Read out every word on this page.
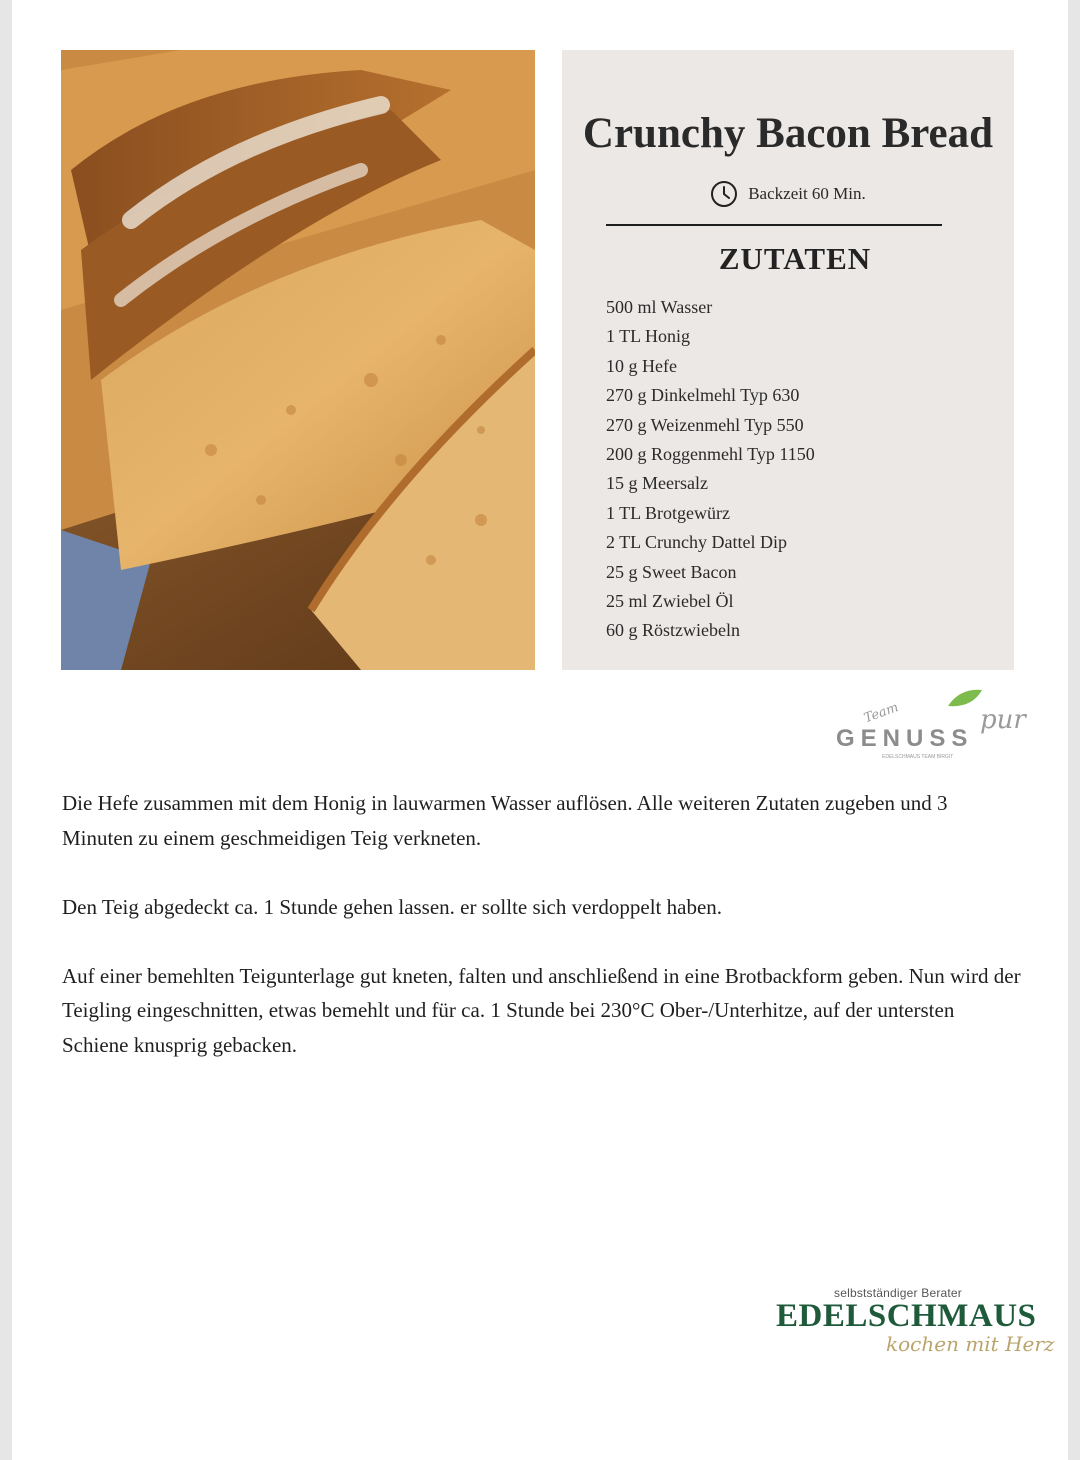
Crunchy Bacon Bread
Backzeit 60 Min.
ZUTATEN
500 ml Wasser
1 TL Honig
10 g Hefe
270 g Dinkelmehl Typ 630
270 g Weizenmehl Typ 550
200 g Roggenmehl Typ 1150
15 g Meersalz
1 TL Brotgewürz
2 TL Crunchy Dattel Dip
25 g Sweet Bacon
25 ml Zwiebel Öl
60 g Röstzwiebeln
Team
GENUSS
pur
EDELSCHMAUS TEAM BIRGIT

Die Hefe zusammen mit dem Honig in lauwarmen Wasser auflösen. Alle weiteren Zutaten zugeben und 3 Minuten zu einem geschmeidigen Teig verkneten.

Den Teig abgedeckt ca. 1 Stunde gehen lassen. er sollte sich verdoppelt haben.

Auf einer bemehlten Teigunterlage gut kneten, falten und anschließend in eine Brotbackform geben. Nun wird der Teigling eingeschnitten, etwas bemehlt und für ca. 1 Stunde bei 230°C Ober-/Unterhitze, auf der untersten Schiene knusprig gebacken.

selbstständiger Berater
EDELSCHMAUS
kochen mit Herz
